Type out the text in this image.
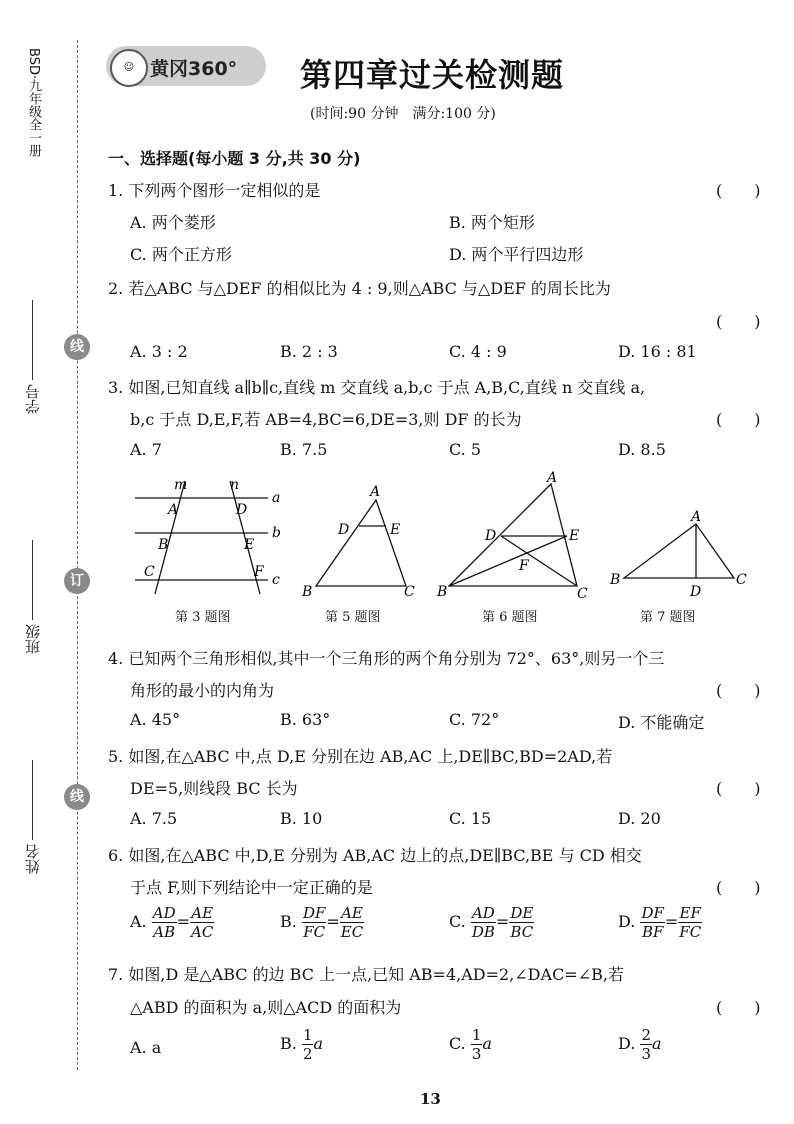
BSD·九年级全一册
学号
班级
姓名
线
订
线
☺ 黄冈360° 第四章过关检测题
(时间:90 分钟　满分:100 分)
一、选择题(每小题 3 分,共 30 分)
1. 下列两个图形一定相似的是	(　　)
A. 两个菱形	B. 两个矩形
C. 两个正方形	D. 两个平行四边形
2. 若△ABC 与△DEF 的相似比为 4 : 9,则△ABC 与△DEF 的周长比为
(　　)
A. 3 : 2	B. 2 : 3	C. 4 : 9	D. 16 : 81
3. 如图,已知直线 a∥b∥c,直线 m 交直线 a,b,c 于点 A,B,C,直线 n 交直线 a,
b,c 于点 D,E,F,若 AB=4,BC=6,DE=3,则 DF 的长为	(　　)
A. 7	B. 7.5	C. 5	D. 8.5
m	n
a
b
c
A
B
C
D
E
F
第 3 题图
A
D	E
B	C
第 5 题图
A
D	E
F
B	C
第 6 题图
A
B	C
D
第 7 题图
4. 已知两个三角形相似,其中一个三角形的两个角分别为 72°、63°,则另一个三
角形的最小的内角为	(　　)
A. 45°	B. 63°	C. 72°	D. 不能确定
5. 如图,在△ABC 中,点 D,E 分别在边 AB,AC 上,DE∥BC,BD=2AD,若
DE=5,则线段 BC 长为	(　　)
A. 7.5	B. 10	C. 15	D. 20
6. 如图,在△ABC 中,D,E 分别为 AB,AC 边上的点,DE∥BC,BE 与 CD 相交
于点 F,则下列结论中一定正确的是	(　　)
A. $\frac{AD}{AB} = \frac{AE}{AC}$	B. $\frac{DF}{FC} = \frac{AE}{EC}$	C. $\frac{AD}{DB} = \frac{DE}{BC}$	D. $\frac{DF}{BF} = \frac{EF}{FC}$
7. 如图,D 是△ABC 的边 BC 上一点,已知 AB=4,AD=2,∠DAC=∠B,若
△ABD 的面积为 a,则△ACD 的面积为	(　　)
A. a	B. $\frac{1}{2}$ a	C. $\frac{1}{3}$ a	D. $\frac{2}{3}$ a
13
